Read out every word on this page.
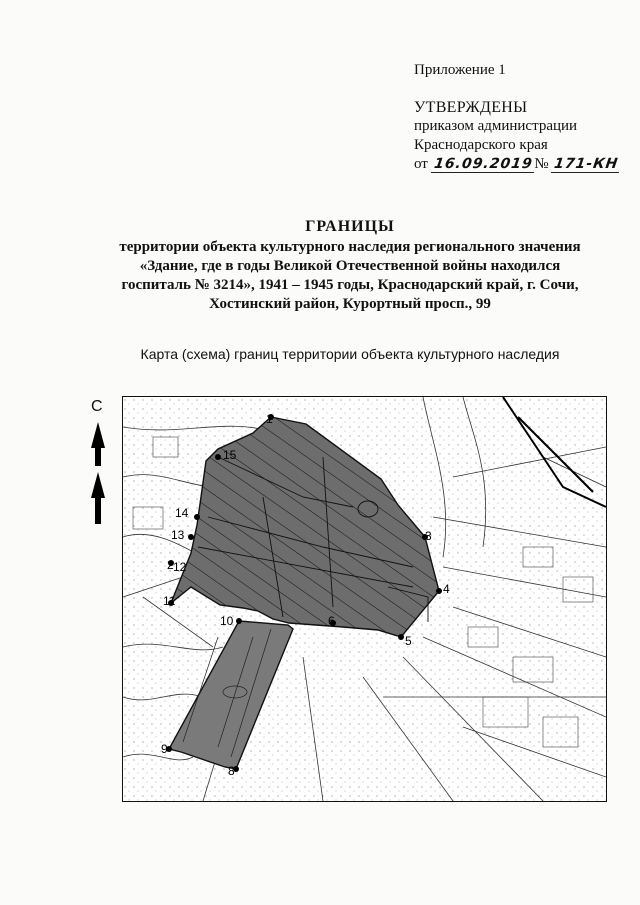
Приложение 1
УТВЕРЖДЕНЫ
приказом администрации
Краснодарского края
от 16.09.2019№ 171-КН
ГРАНИЦЫ
территории объекта культурного наследия регионального значения
«Здание, где в годы Великой Отечественной войны находился
госпиталь № 3214», 1941 – 1945 годы, Краснодарский край, г. Сочи,
Хостинский район, Курортный просп., 99
Карта (схема) границ территории объекта культурного наследия
С
1
2
3
4
5
6
8
9
10
11
12
13
14
15
